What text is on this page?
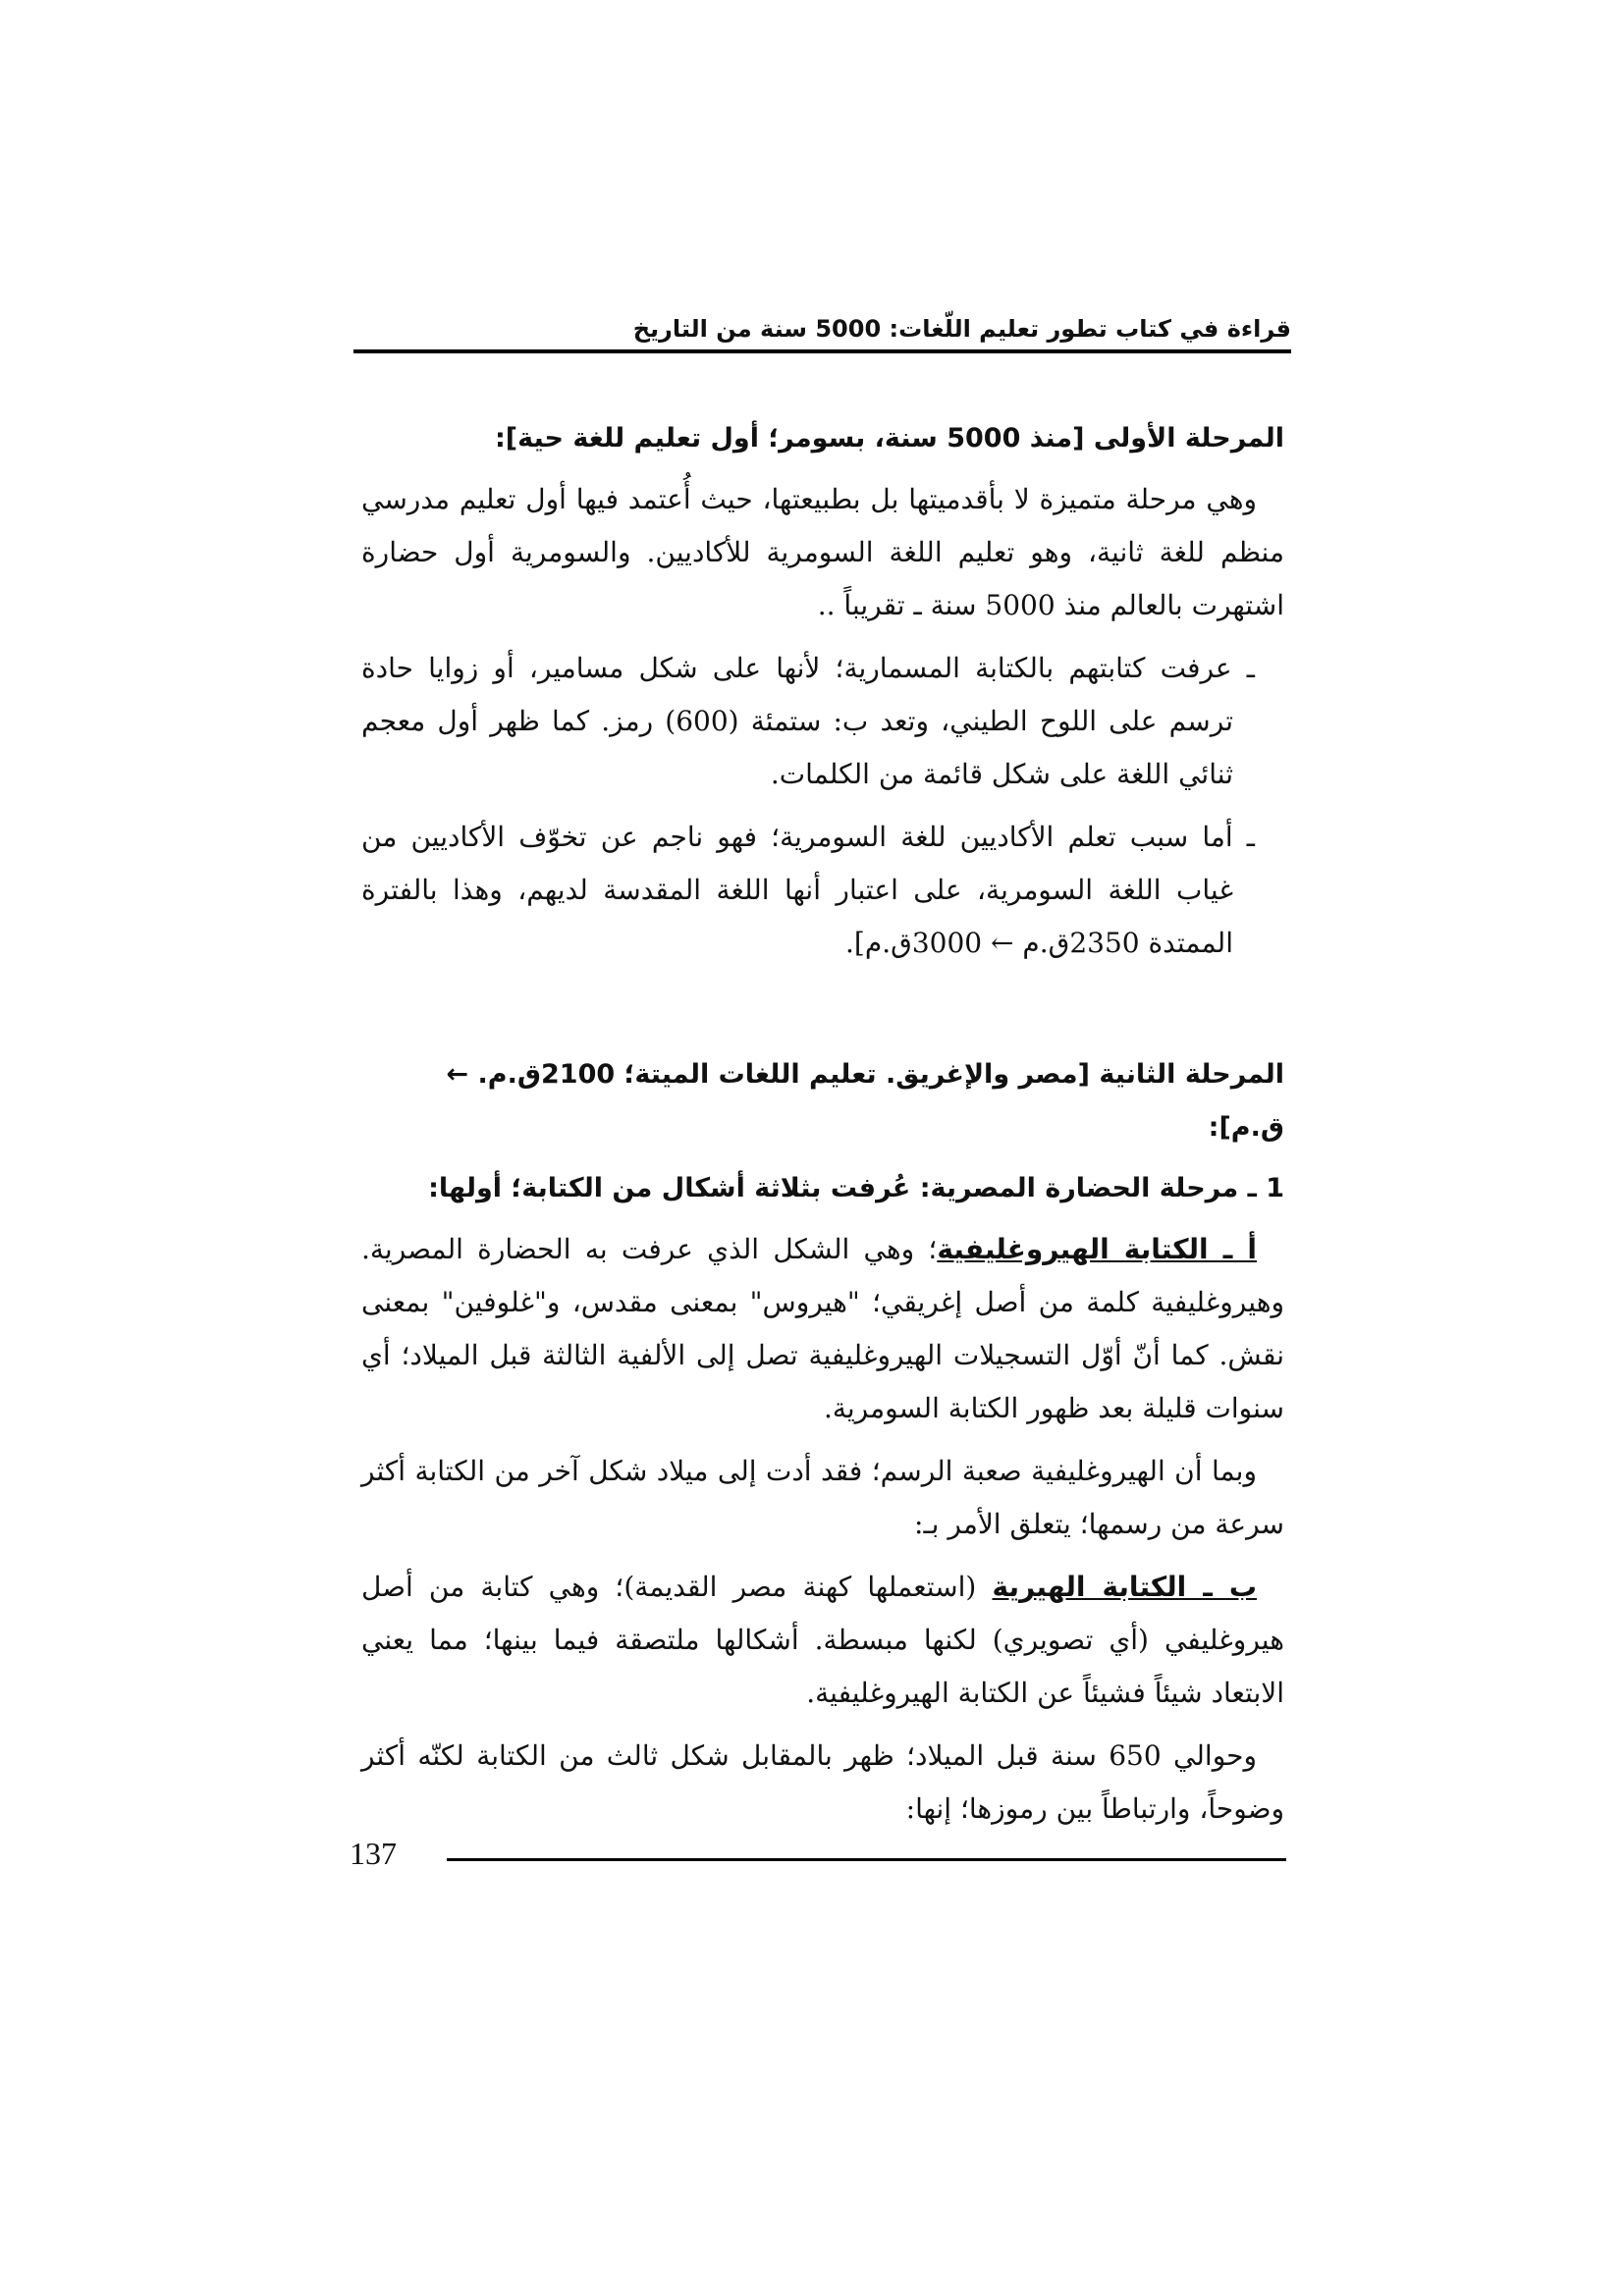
قراءة في كتاب تطور تعليم اللّغات: 5000 سنة من التاريخ
المرحلة الأولى [منذ 5000 سنة، بسومر؛ أول تعليم للغة حية]:

وهي مرحلة متميزة لا بأقدميتها بل بطبيعتها، حيث أُعتمد فيها أول تعليم مدرسي منظم للغة ثانية، وهو تعليم اللغة السومرية للأكاديين. والسومرية أول حضارة اشتهرت بالعالم منذ 5000 سنة ـ تقريباً ..

ـ عرفت كتابتهم بالكتابة المسمارية؛ لأنها على شكل مسامير، أو زوايا حادة ترسم على اللوح الطيني، وتعد ب: ستمئة (600) رمز. كما ظهر أول معجم ثنائي اللغة على شكل قائمة من الكلمات.

ـ أما سبب تعلم الأكاديين للغة السومرية؛ فهو ناجم عن تخوّف الأكاديين من غياب اللغة السومرية، على اعتبار أنها اللغة المقدسة لديهم، وهذا بالفترة الممتدة 2350ق.م ← 3000ق.م].

المرحلة الثانية [مصر والإغريق. تعليم اللغات الميتة؛ 2100ق.م. ← ق.م]:
1 ـ مرحلة الحضارة المصرية: عُرفت بثلاثة أشكال من الكتابة؛ أولها:

أ ـ الكتابة الهيروغليفية؛ وهي الشكل الذي عرفت به الحضارة المصرية. وهيروغليفية كلمة من أصل إغريقي؛ "هيروس" بمعنى مقدس، و"غلوفين" بمعنى نقش. كما أنّ أوّل التسجيلات الهيروغليفية تصل إلى الألفية الثالثة قبل الميلاد؛ أي سنوات قليلة بعد ظهور الكتابة السومرية.

وبما أن الهيروغليفية صعبة الرسم؛ فقد أدت إلى ميلاد شكل آخر من الكتابة أكثر سرعة من رسمها؛ يتعلق الأمر بـ:

ب ـ الكتابة الهيرية (استعملها كهنة مصر القديمة)؛ وهي كتابة من أصل هيروغليفي (أي تصويري) لكنها مبسطة. أشكالها ملتصقة فيما بينها؛ مما يعني الابتعاد شيئاً فشيئاً عن الكتابة الهيروغليفية.

وحوالي 650 سنة قبل الميلاد؛ ظهر بالمقابل شكل ثالث من الكتابة لكنّه أكثر وضوحاً، وارتباطاً بين رموزها؛ إنها:

137
